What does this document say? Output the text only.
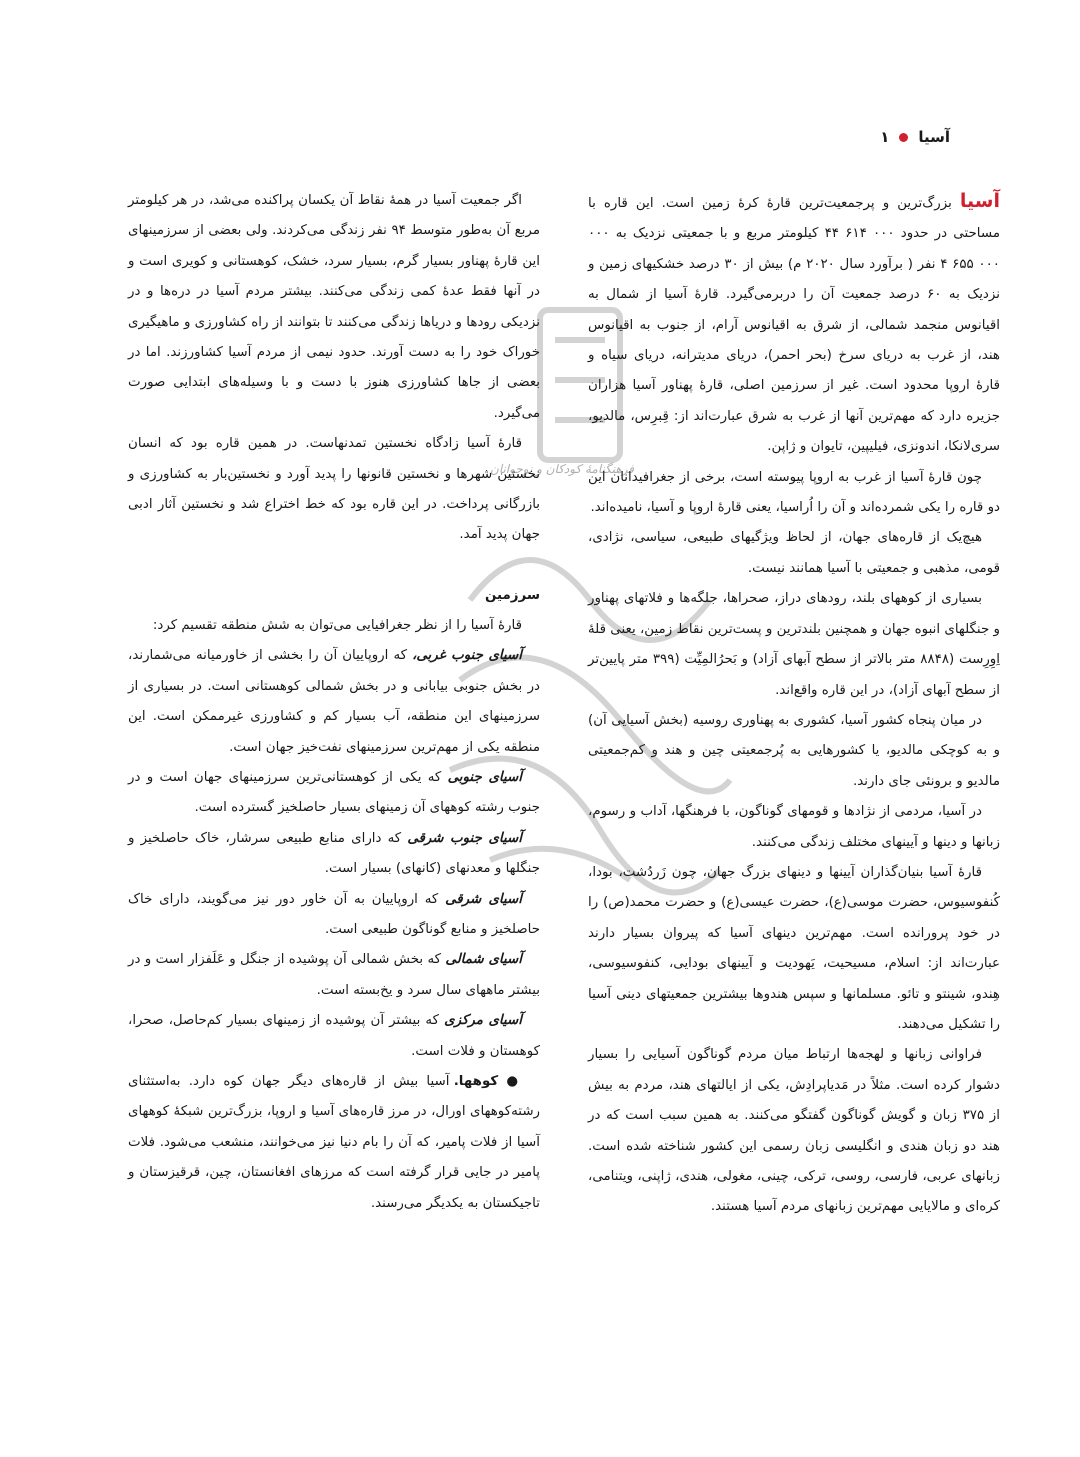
آسیا
۱
فرهنگنامهٔ کودکان و نوجوانان

آسیا بزرگ‌ترین و پرجمعیت‌ترین قارهٔ کرهٔ زمین است. این قاره با مساحتی در حدود ۰۰۰ ۶۱۴ ۴۴ کیلومتر مربع و با جمعیتی نزدیک به ۰۰۰ ۰۰۰ ۶۵۵ ۴ نفر ( برآورد سال ۲۰۲۰ م) بیش از ۳۰ درصد خشکیهای زمین و نزدیک به ۶۰ درصد جمعیت آن را دربرمی‌گیرد. قارهٔ آسیا از شمال به اقیانوس منجمد شمالی، از شرق به اقیانوس آرام، از جنوب به اقیانوس هند، از غرب به دریای سرخ (بحر احمر)، دریای مدیترانه، دریای سیاه و قارهٔ اروپا محدود است. غیر از سرزمین اصلی، قارهٔ پهناور آسیا هزاران جزیره دارد که مهم‌ترین آنها از غرب به شرق عبارت‌اند از: قِبرِس، مالدیو، سری‌لانکا، اندونزی، فیلیپین، تایوان و ژاپن.

چون قارهٔ آسیا از غرب به اروپا پیوسته است، برخی از جغرافیدانان این دو قاره را یکی شمرده‌اند و آن را اُراسیا، یعنی قارهٔ اروپا و آسیا، نامیده‌اند.

هیچ‌یک از قاره‌های جهان، از لحاظ ویژگیهای طبیعی، سیاسی، نژادی، قومی، مذهبی و جمعیتی با آسیا همانند نیست.

بسیاری از کوههای بلند، رودهای دراز، صحراها، جلگه‌ها و فلاتهای پهناور و جنگلهای انبوه جهان و همچنین بلندترین و پست‌ترین نقاط زمین، یعنی قلهٔ اِوِرِست (۸۸۴۸ متر بالاتر از سطح آبهای آزاد) و بَحرُالمِیِّت (۳۹۹ متر پایین‌تر از سطح آبهای آزاد)، در این قاره واقع‌اند.

در میان پنجاه کشور آسیا، کشوری به پهناوری روسیه (بخش آسیایی آن) و به کوچکی مالدیو، یا کشورهایی به پُرجمعیتی چین و هند و کم‌جمعیتی مالدیو و برونئی جای دارند.

در آسیا، مردمی از نژادها و قومهای گوناگون، با فرهنگها، آداب و رسوم، زبانها و دینها و آیینهای مختلف زندگی می‌کنند.

قارهٔ آسیا بنیان‌گذاران آیینها و دینهای بزرگ جهان، چون زَردُشت، بودا، کُنفوسیوس، حضرت موسی(ع)، حضرت عیسی(ع) و حضرت محمد(ص) را در خود پرورانده است. مهم‌ترین دینهای آسیا که پیروان بسیار دارند عبارت‌اند از: اسلام، مسیحیت، یَهودیت و آیینهای بودایی، کنفوسیوسی، هِندو، شینتو و تائو. مسلمانها و سپس هندوها بیشترین جمعیتهای دینی آسیا را تشکیل می‌دهند.

فراوانی زبانها و لهجه‌ها ارتباط میان مردم گوناگون آسیایی را بسیار دشوار کرده است. مثلاً در مَدیاپرادِش، یکی از ایالتهای هند، مردم به بیش از ۳۷۵ زبان و گویش گوناگون گفتگو می‌کنند. به همین سبب است که در هند دو زبان هندی و انگلیسی زبان رسمی این کشور شناخته شده است. زبانهای عربی، فارسی، روسی، ترکی، چینی، مغولی، هندی، ژاپنی، ویتنامی، کره‌ای و مالایایی مهم‌ترین زبانهای مردم آسیا هستند.

اگر جمعیت آسیا در همهٔ نقاط آن یکسان پراکنده می‌شد، در هر کیلومتر مربع آن به‌طور متوسط ۹۴ نفر زندگی می‌کردند. ولی بعضی از سرزمینهای این قارهٔ پهناور بسیار گرم، بسیار سرد، خشک، کوهستانی و کویری است و در آنها فقط عدهٔ کمی زندگی می‌کنند. بیشتر مردم آسیا در دره‌ها و در نزدیکی رودها و دریاها زندگی می‌کنند تا بتوانند از راه کشاورزی و ماهیگیری خوراک خود را به دست آورند. حدود نیمی از مردم آسیا کشاورزند. اما در بعضی از جاها کشاورزی هنوز با دست و با وسیله‌های ابتدایی صورت می‌گیرد.

قارهٔ آسیا زادگاه نخستین تمدنهاست. در همین قاره بود که انسان نخستین شهرها و نخستین قانونها را پدید آورد و نخستین‌بار به کشاورزی و بازرگانی پرداخت. در این قاره بود که خط اختراع شد و نخستین آثار ادبی جهان پدید آمد.

سرزمین

قارهٔ آسیا را از نظر جغرافیایی می‌توان به شش منطقه تقسیم کرد:

آسیای جنوب غربی، که اروپاییان آن را بخشی از خاورمیانه می‌شمارند، در بخش جنوبی بیابانی و در بخش شمالی کوهستانی است. در بسیاری از سرزمینهای این منطقه، آب بسیار کم و کشاورزی غیرممکن است. این منطقه یکی از مهم‌ترین سرزمینهای نفت‌خیز جهان است.

آسیای جنوبی که یکی از کوهستانی‌ترین سرزمینهای جهان است و در جنوب رشته کوههای آن زمینهای بسیار حاصلخیز گسترده است.

آسیای جنوب شرقی که دارای منابع طبیعی سرشار، خاک حاصلخیز و جنگلها و معدنهای (کانهای) بسیار است.

آسیای شرقی که اروپاییان به آن خاور دور نیز می‌گویند، دارای خاک حاصلخیز و منابع گوناگون طبیعی است.

آسیای شمالی که بخش شمالی آن پوشیده از جنگل و عَلَفزار است و در بیشتر ماههای سال سرد و یخ‌بسته است.

آسیای مرکزی که بیشتر آن پوشیده از زمینهای بسیار کم‌حاصل، صحرا، کوهستان و فلات است.

● کوهها. آسیا بیش از قاره‌های دیگر جهان کوه دارد. به‌استثنای رشته‌کوههای اورال، در مرز قاره‌های آسیا و اروپا، بزرگ‌ترین شبکهٔ کوههای آسیا از فلات پامیر، که آن را بام دنیا نیز می‌خوانند، منشعب می‌شود. فلات پامیر در جایی قرار گرفته است که مرزهای افغانستان، چین، قرقیزستان و تاجیکستان به یکدیگر می‌رسند.
